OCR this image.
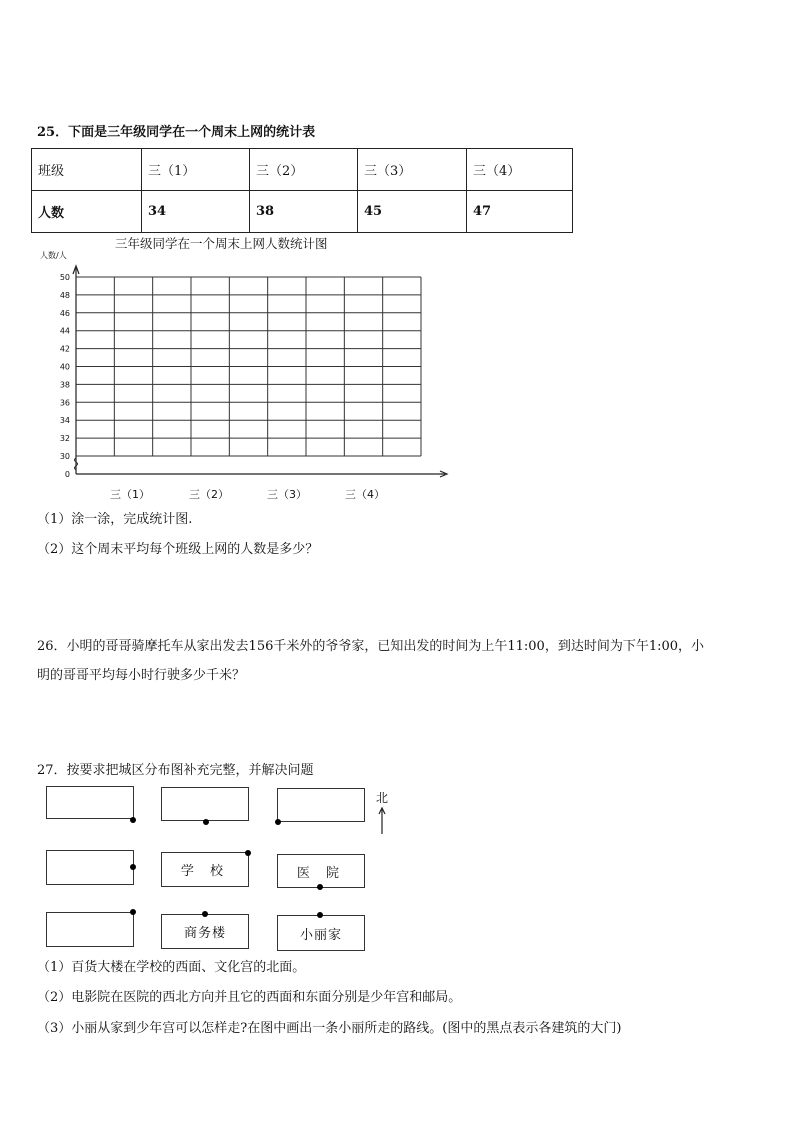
25．下面是三年级同学在一个周末上网的统计表
班级	三（1）	三（2）	三（3）	三（4）
人数	34	38	45	47
三年级同学在一个周末上网人数统计图
人数/人
50
48
46
44
42
40
38
36
34
32
30
0
三（1）	三（2）	三（3）	三（4）
（1）涂一涂，完成统计图.
（2）这个周末平均每个班级上网的人数是多少？
26．小明的哥哥骑摩托车从家出发去156千米外的爷爷家，已知出发的时间为上午11:00，到达时间为下午1:00，小
明的哥哥平均每小时行驶多少千米？
27．按要求把城区分布图补充完整，并解决问题
学 校	医 院
商务楼	小丽家
北
（1）百货大楼在学校的西面、文化宫的北面。
（2）电影院在医院的西北方向并且它的西面和东面分别是少年宫和邮局。
（3）小丽从家到少年宫可以怎样走?在图中画出一条小丽所走的路线。(图中的黑点表示各建筑的大门)
